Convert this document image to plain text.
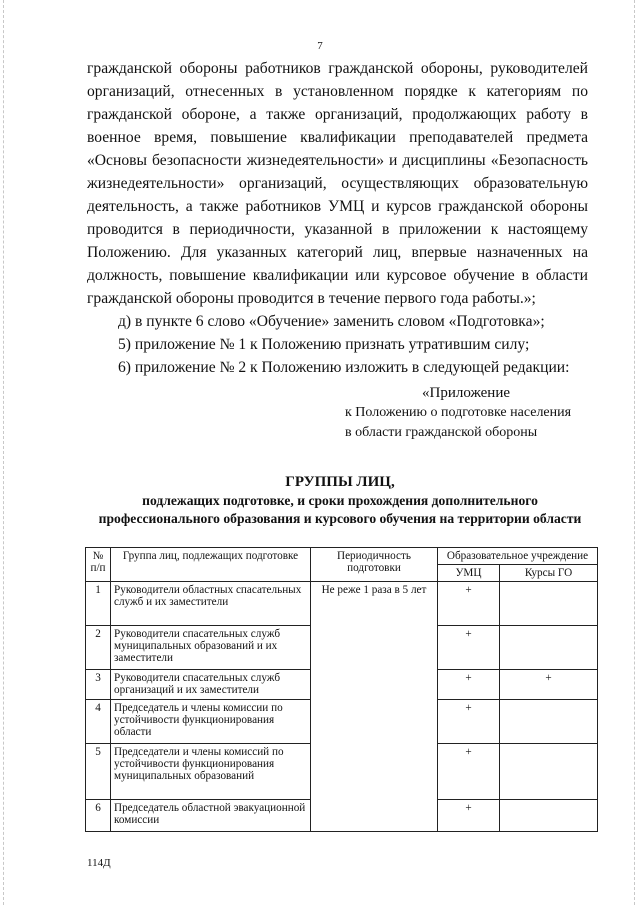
7

гражданской обороны работников гражданской обороны, руководителей организаций, отнесенных в установленном порядке к категориям по гражданской обороне, а также организаций, продолжающих работу в военное время, повышение квалификации преподавателей предмета «Основы безопасности жизнедеятельности» и дисциплины «Безопасность жизнедеятельности» организаций, осуществляющих образовательную деятельность, а также работников УМЦ и курсов гражданской обороны проводится в периодичности, указанной в приложении к настоящему Положению. Для указанных категорий лиц, впервые назначенных на должность, повышение квалификации или курсовое обучение в области гражданской обороны проводится в течение первого года работы.»;

д) в пункте 6 слово «Обучение» заменить словом «Подготовка»;

5) приложение № 1 к Положению признать утратившим силу;

6) приложение № 2 к Положению изложить в следующей редакции:

«Приложение
к Положению о подготовке населения
в области гражданской обороны
ГРУППЫ ЛИЦ,
подлежащих подготовке, и сроки прохождения дополнительного профессионального образования и курсового обучения на территории области
№ п/п	Группа лиц, подлежащих подготовке	Периодичность подготовки	Образовательное учреждение	
			УМЦ	Курсы ГО
1	Руководители областных спасательных служб и их заместители	Не реже 1 раза в 5 лет	+	
2	Руководители спасательных служб муниципальных образований и их заместители		+	
3	Руководители спасательных служб организаций и их заместители		+	+
4	Председатель и члены комиссии по устойчивости функционирования области		+	
5	Председатели и члены комиссий по устойчивости функционирования муниципальных образований		+	
6	Председатель областной эвакуационной комиссии		+	
114Д
